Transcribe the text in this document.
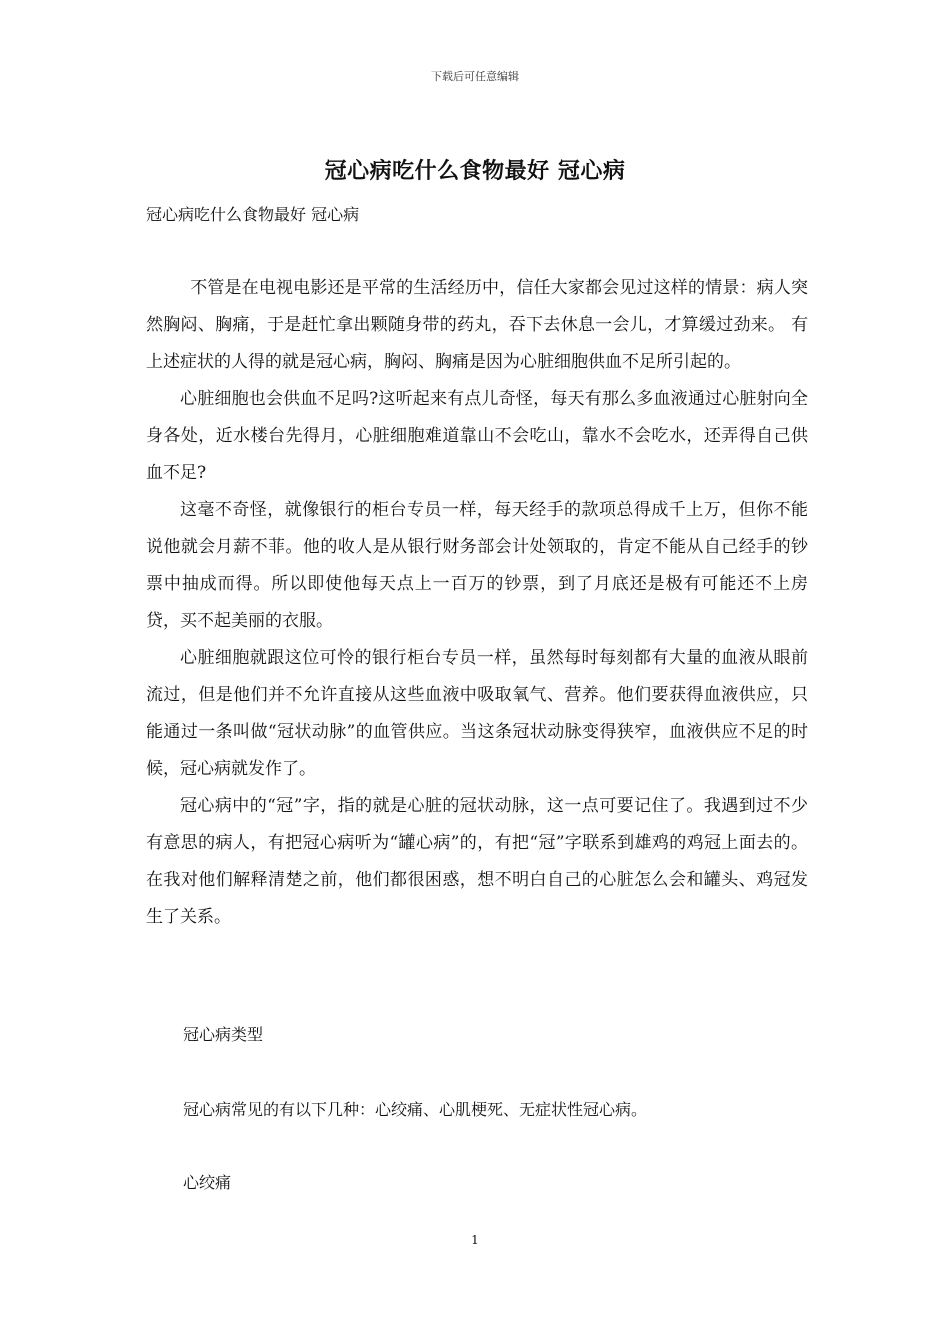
下载后可任意编辑
冠心病吃什么食物最好 冠心病
冠心病吃什么食物最好 冠心病

不管是在电视电影还是平常的生活经历中，信任大家都会见过这样的情景：病人突然胸闷、胸痛，于是赶忙拿出颗随身带的药丸，吞下去休息一会儿，才算缓过劲来。 有上述症状的人得的就是冠心病，胸闷、胸痛是因为心脏细胞供血不足所引起的。

心脏细胞也会供血不足吗?这听起来有点儿奇怪，每天有那么多血液通过心脏射向全身各处，近水楼台先得月，心脏细胞难道靠山不会吃山，靠水不会吃水，还弄得自己供血不足?

这毫不奇怪，就像银行的柜台专员一样，每天经手的款项总得成千上万，但你不能说他就会月薪不菲。他的收人是从银行财务部会计处领取的，肯定不能从自己经手的钞票中抽成而得。所以即使他每天点上一百万的钞票，到了月底还是极有可能还不上房贷，买不起美丽的衣服。

心脏细胞就跟这位可怜的银行柜台专员一样，虽然每时每刻都有大量的血液从眼前流过，但是他们并不允许直接从这些血液中吸取氧气、营养。他们要获得血液供应，只能通过一条叫做“冠状动脉”的血管供应。当这条冠状动脉变得狭窄，血液供应不足的时候，冠心病就发作了。

冠心病中的“冠”字，指的就是心脏的冠状动脉，这一点可要记住了。我遇到过不少有意思的病人，有把冠心病听为“罐心病”的，有把“冠”字联系到雄鸡的鸡冠上面去的。在我对他们解释清楚之前，他们都很困惑，想不明白自己的心脏怎么会和罐头、鸡冠发生了关系。

冠心病类型
冠心病常见的有以下几种：心绞痛、心肌梗死、无症状性冠心病。
心绞痛
1
